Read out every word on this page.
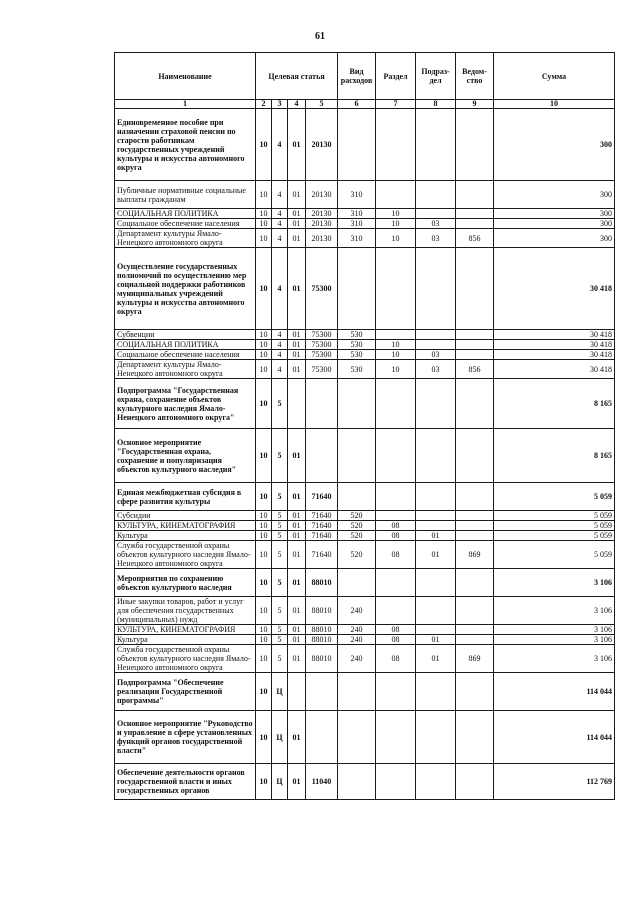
61
Наименование	Целевая статья				Вид расходов	Раздел	Подраз-дел	Ведом-ство	Сумма
1	2	3	4	5	6	7	8	9	10
Единовременное пособие при назначении страховой пенсии по старости работникам государственных учреждений культуры и искусства автономного округа	10	4	01	20130					300
Публичные нормативные социальные выплаты гражданам	10	4	01	20130	310				300
СОЦИАЛЬНАЯ ПОЛИТИКА	10	4	01	20130	310	10			300
Социальное обеспечение населения	10	4	01	20130	310	10	03		300
Департамент культуры Ямало-Ненецкого автономного округа	10	4	01	20130	310	10	03	856	300
Осуществление государственных полномочий по осуществлению мер социальной поддержки работников муниципальных учреждений культуры и искусства автономного округа	10	4	01	75300					30 418
Субвенции	10	4	01	75300	530				30 418
СОЦИАЛЬНАЯ ПОЛИТИКА	10	4	01	75300	530	10			30 418
Социальное обеспечение населения	10	4	01	75300	530	10	03		30 418
Департамент культуры Ямало-Ненецкого автономного округа	10	4	01	75300	530	10	03	856	30 418
Подпрограмма "Государственная охрана, сохранение объектов культурного наследия Ямало-Ненецкого автономного округа"	10	5							8 165
Основное мероприятие "Государственная охрана, сохранение и популяризация объектов культурного наследия"	10	5	01						8 165
Единая межбюджетная субсидия в сфере развития культуры	10	5	01	71640					5 059
Субсидии	10	5	01	71640	520				5 059
КУЛЬТУРА, КИНЕМАТОГРАФИЯ	10	5	01	71640	520	08			5 059
Культура	10	5	01	71640	520	08	01		5 059
Служба государственной охраны объектов культурного наследия Ямало-Ненецкого автономного округа	10	5	01	71640	520	08	01	869	5 059
Мероприятия по сохранению объектов культурного наследия	10	5	01	88010					3 106
Иные закупки товаров, работ и услуг для обеспечения государственных (муниципальных) нужд	10	5	01	88010	240				3 106
КУЛЬТУРА, КИНЕМАТОГРАФИЯ	10	5	01	88010	240	08			3 106
Культура	10	5	01	88010	240	08	01		3 106
Служба государственной охраны объектов культурного наследия Ямало-Ненецкого автономного округа	10	5	01	88010	240	08	01	869	3 106
Подпрограмма "Обеспечение реализации Государственной программы"	10	Ц							114 044
Основное мероприятие "Руководство и управление в сфере установленных функций органов государственной власти"	10	Ц	01						114 044
Обеспечение деятельности органов государственной власти и иных государственных органов	10	Ц	01	11040					112 769
